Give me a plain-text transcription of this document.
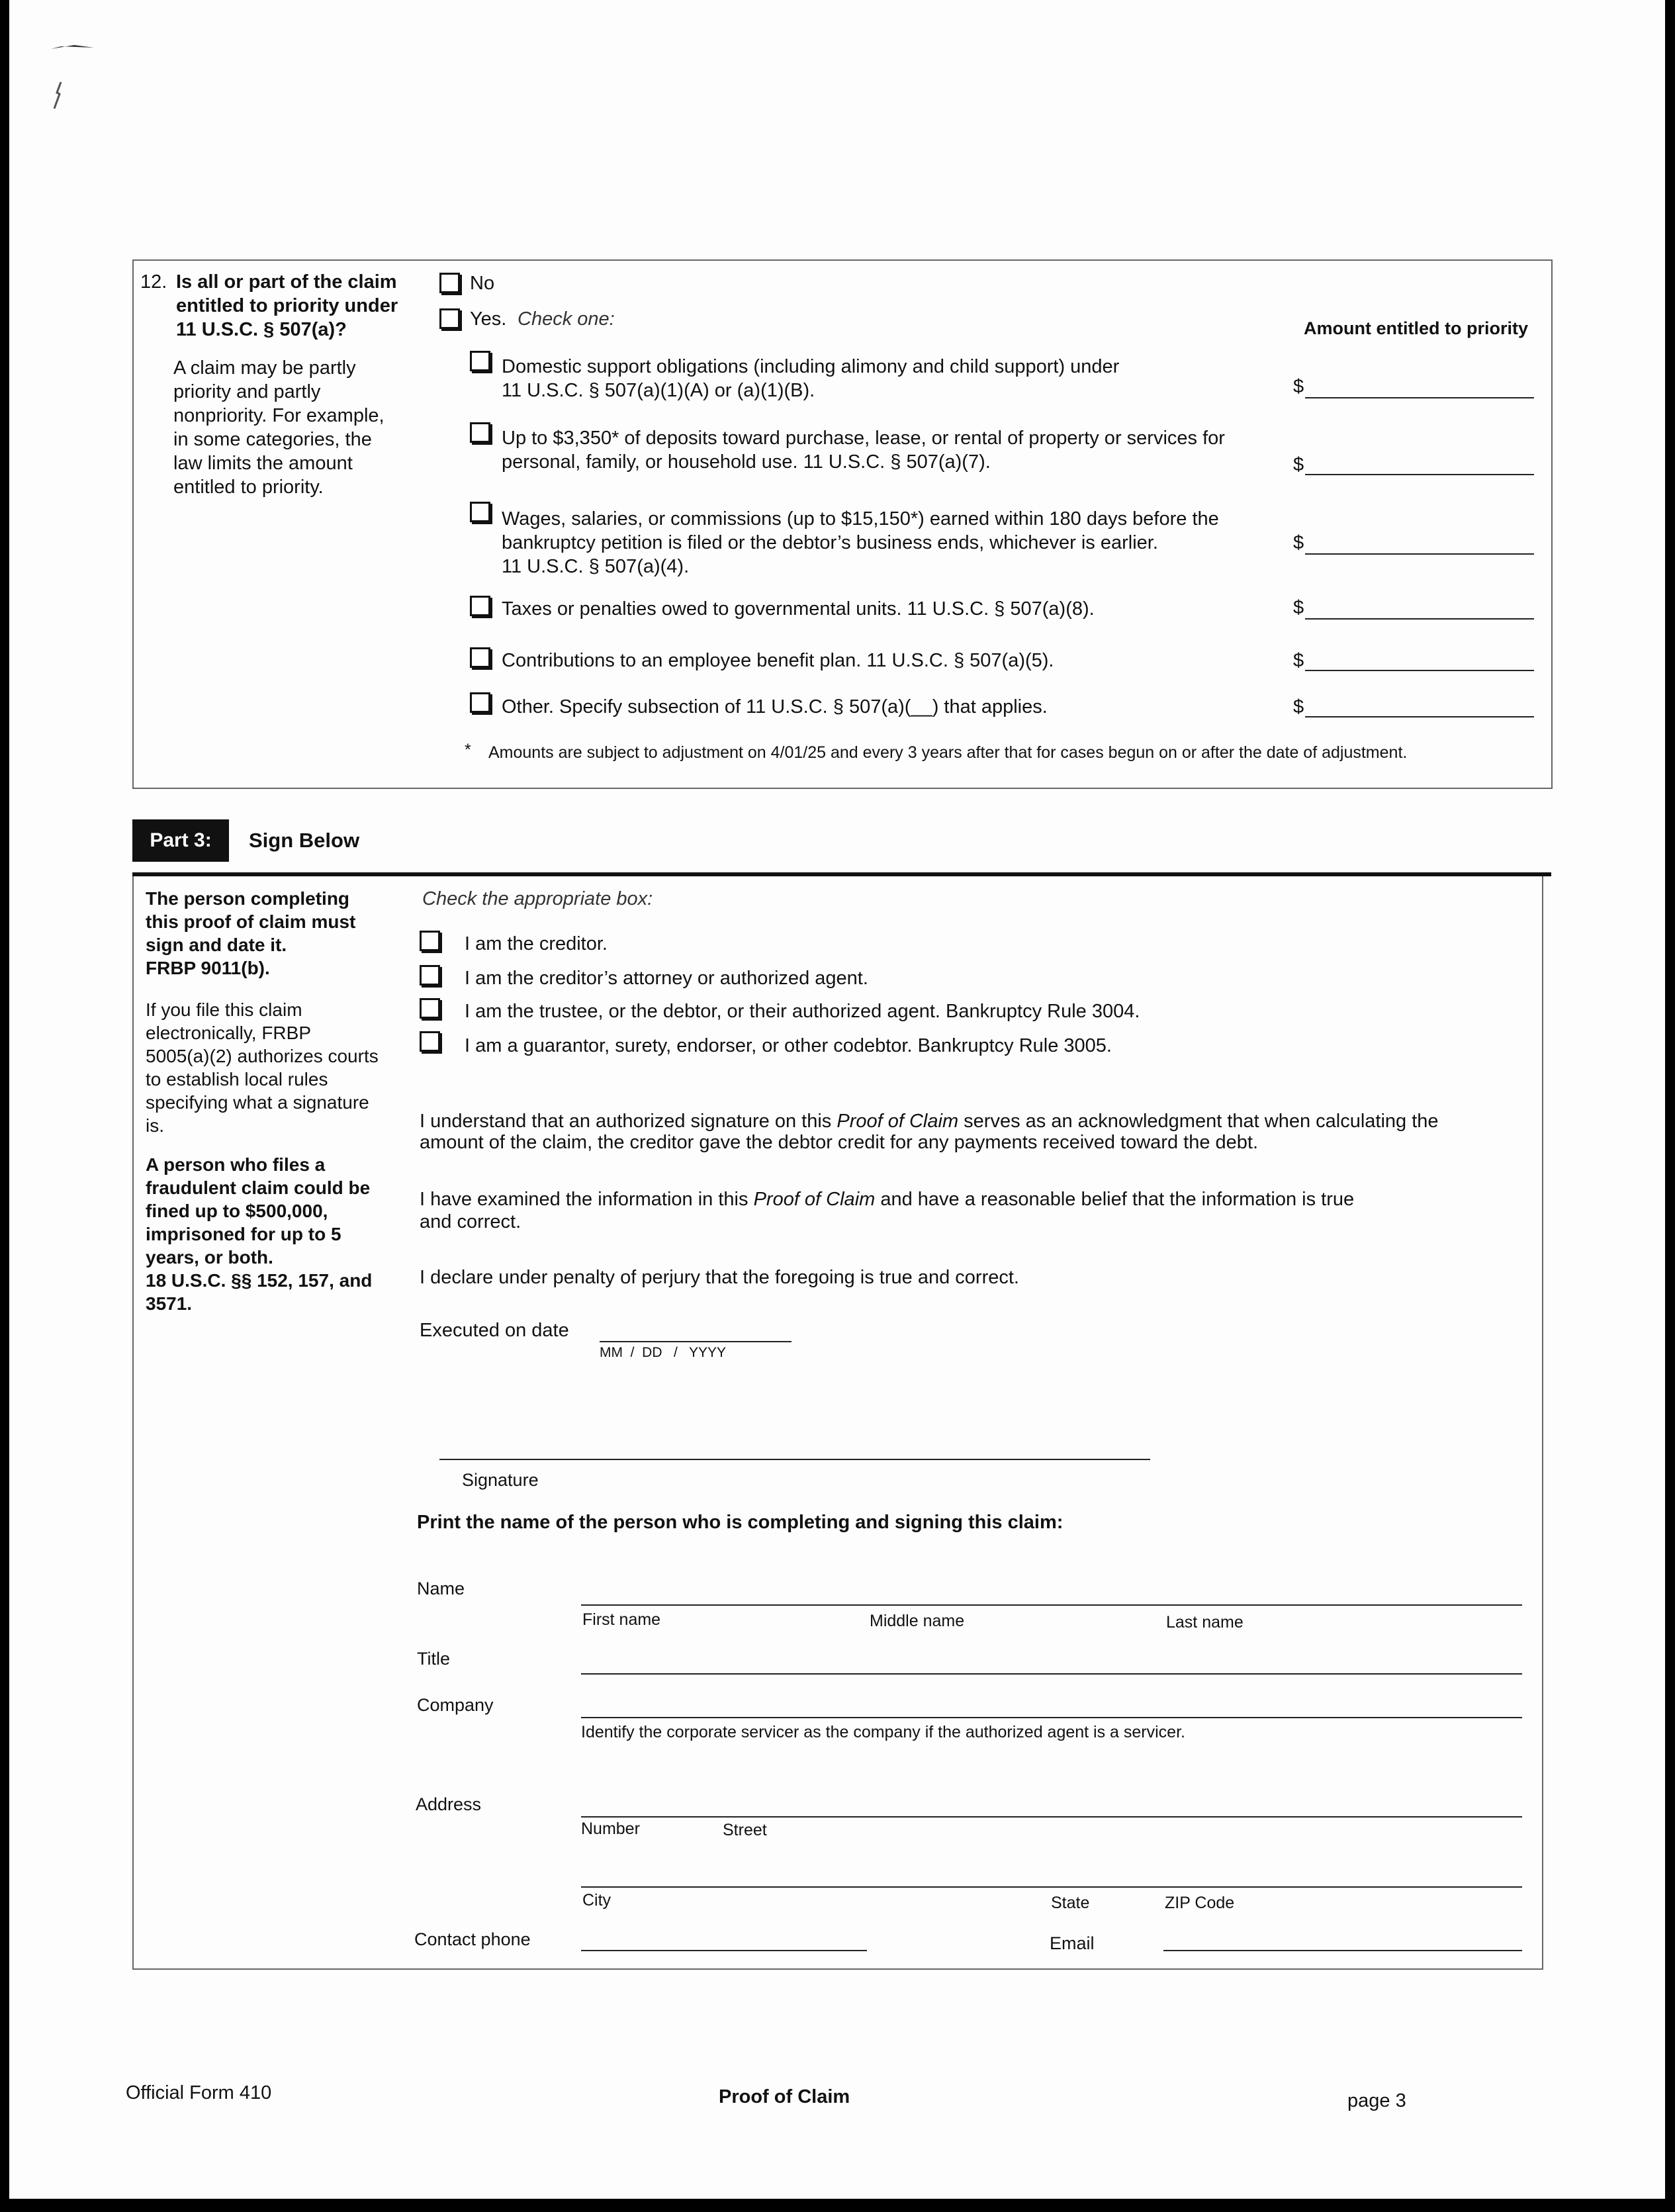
12. Is all or part of the claim
entitled to priority under
11 U.S.C. § 507(a)?
A claim may be partly
priority and partly
nonpriority. For example,
in some categories, the
law limits the amount
entitled to priority.
No
Yes. Check one:	Amount entitled to priority
Domestic support obligations (including alimony and child support) under
11 U.S.C. § 507(a)(1)(A) or (a)(1)(B).	$
Up to $3,350* of deposits toward purchase, lease, or rental of property or services for
personal, family, or household use. 11 U.S.C. § 507(a)(7).	$
Wages, salaries, or commissions (up to $15,150*) earned within 180 days before the
bankruptcy petition is filed or the debtor’s business ends, whichever is earlier.
11 U.S.C. § 507(a)(4).
$
Taxes or penalties owed to governmental units. 11 U.S.C. § 507(a)(8).	$
Contributions to an employee benefit plan. 11 U.S.C. § 507(a)(5).	$
Other. Specify subsection of 11 U.S.C. § 507(a)(__) that applies.	$
* Amounts are subject to adjustment on 4/01/25 and every 3 years after that for cases begun on or after the date of adjustment.
Part 3:	Sign Below
The person completing
this proof of claim must
sign and date it.
FRBP 9011(b).
If you file this claim
electronically, FRBP
5005(a)(2) authorizes courts
to establish local rules
specifying what a signature
is.
A person who files a
fraudulent claim could be
fined up to $500,000,
imprisoned for up to 5
years, or both.
18 U.S.C. §§ 152, 157, and
3571.
Check the appropriate box:
I am the creditor.
I am the creditor’s attorney or authorized agent.
I am the trustee, or the debtor, or their authorized agent. Bankruptcy Rule 3004.
I am a guarantor, surety, endorser, or other codebtor. Bankruptcy Rule 3005.
I understand that an authorized signature on this Proof of Claim serves as an acknowledgment that when calculating the
amount of the claim, the creditor gave the debtor credit for any payments received toward the debt.
I have examined the information in this Proof of Claim and have a reasonable belief that the information is true
and correct.
I declare under penalty of perjury that the foregoing is true and correct.
Executed on date
MM  /  DD   /   YYYY
Signature
Print the name of the person who is completing and signing this claim:
Name
First name	Middle name	Last name
Title
Company
Identify the corporate servicer as the company if the authorized agent is a servicer.
Address
Number	Street
City	State	ZIP Code
Contact phone	Email
Official Form 410	Proof of Claim	page 3
